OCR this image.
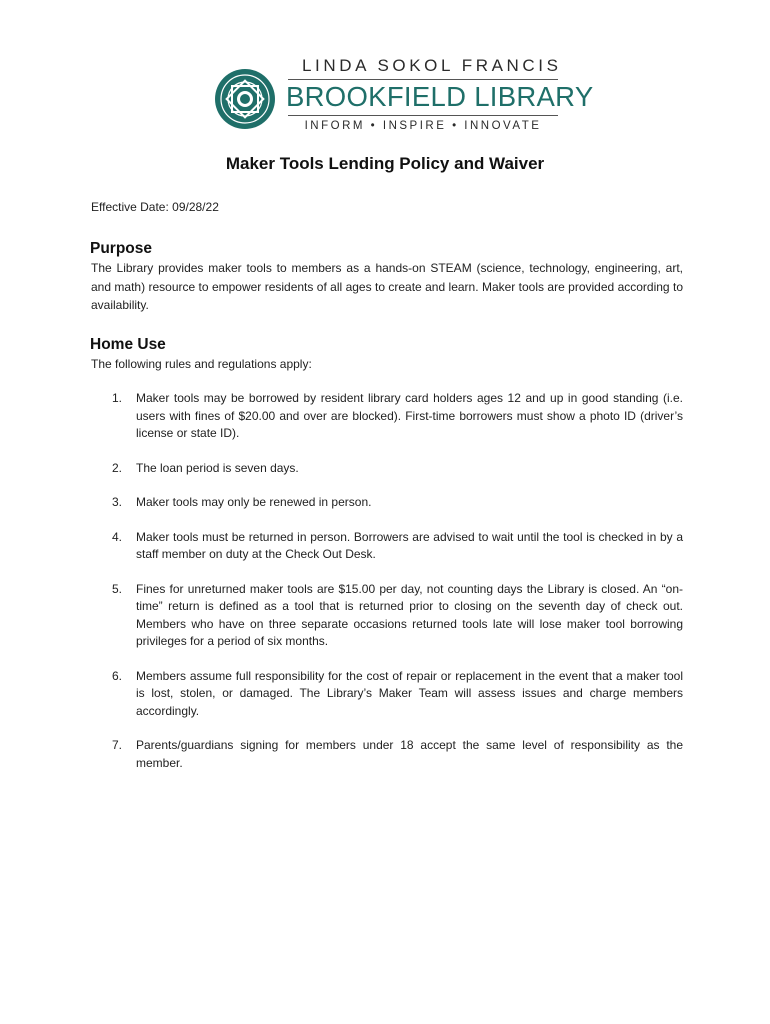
LINDA SOKOL FRANCIS
BROOKFIELD LIBRARY
INFORM • INSPIRE • INNOVATE
Maker Tools Lending Policy and Waiver
Effective Date: 09/28/22
Purpose
The Library provides maker tools to members as a hands-on STEAM (science, technology, engineering, art, and math) resource to empower residents of all ages to create and learn. Maker tools are provided according to availability.
Home Use
The following rules and regulations apply:
1. Maker tools may be borrowed by resident library card holders ages 12 and up in good standing (i.e. users with fines of $20.00 and over are blocked). First-time borrowers must show a photo ID (driver’s license or state ID).
2. The loan period is seven days.
3. Maker tools may only be renewed in person.
4. Maker tools must be returned in person. Borrowers are advised to wait until the tool is checked in by a staff member on duty at the Check Out Desk.
5. Fines for unreturned maker tools are $15.00 per day, not counting days the Library is closed. An “on-time” return is defined as a tool that is returned prior to closing on the seventh day of check out. Members who have on three separate occasions returned tools late will lose maker tool borrowing privileges for a period of six months.
6. Members assume full responsibility for the cost of repair or replacement in the event that a maker tool is lost, stolen, or damaged. The Library’s Maker Team will assess issues and charge members accordingly.
7. Parents/guardians signing for members under 18 accept the same level of responsibility as the member.
